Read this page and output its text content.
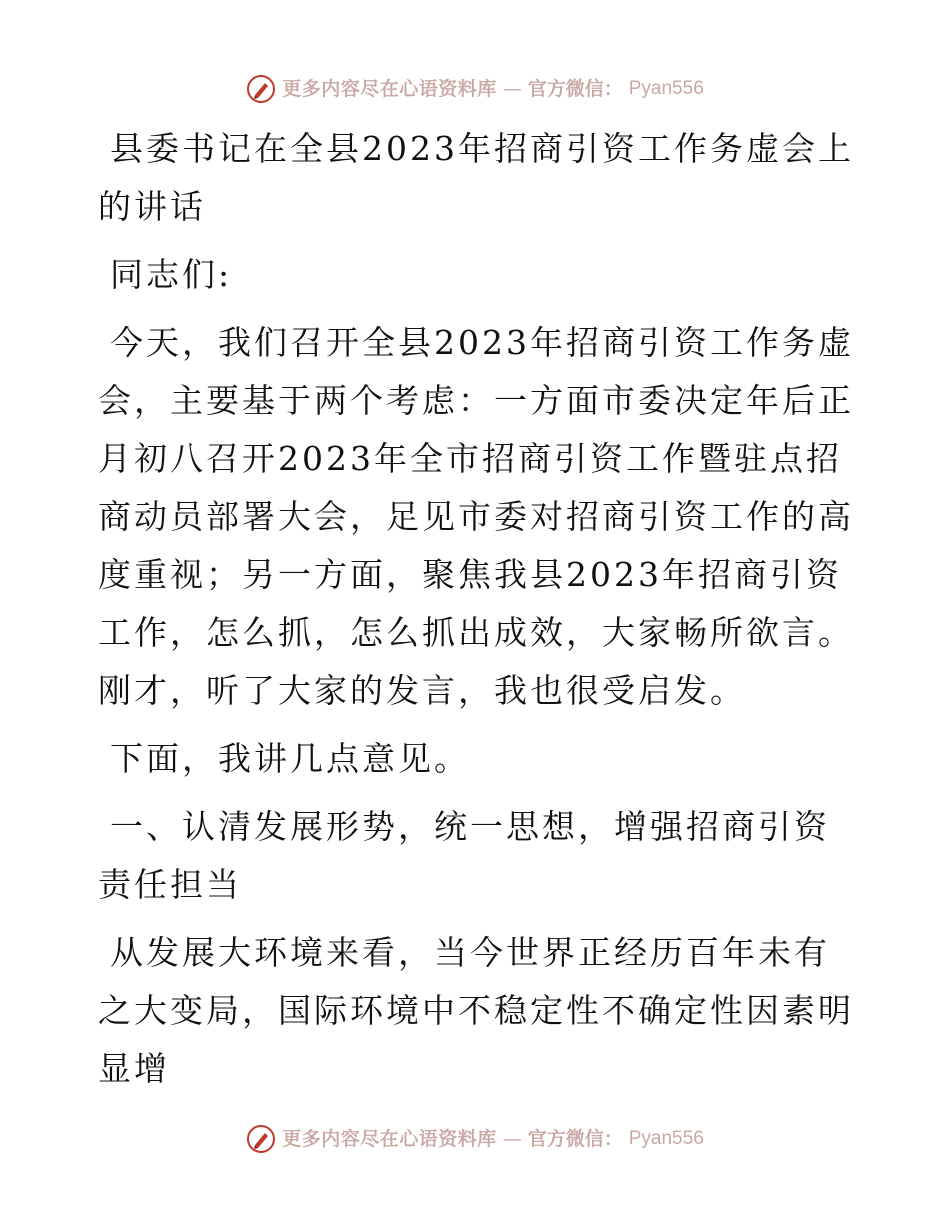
更多内容尽在心语资料库 — 官方微信： Pyan556

县委书记在全县2023年招商引资工作务虚会上的讲话

同志们:

今天，我们召开全县2023年招商引资工作务虚会，主要基于两个考虑：一方面市委决定年后正月初八召开2023年全市招商引资工作暨驻点招商动员部署大会，足见市委对招商引资工作的高度重视；另一方面，聚焦我县2023年招商引资工作，怎么抓，怎么抓出成效，大家畅所欲言。刚才，听了大家的发言，我也很受启发。

下面，我讲几点意见。

一、认清发展形势，统一思想，增强招商引资责任担当

从发展大环境来看，当今世界正经历百年未有之大变局，国际环境中不稳定性不确定性因素明显增

更多内容尽在心语资料库 — 官方微信： Pyan556
